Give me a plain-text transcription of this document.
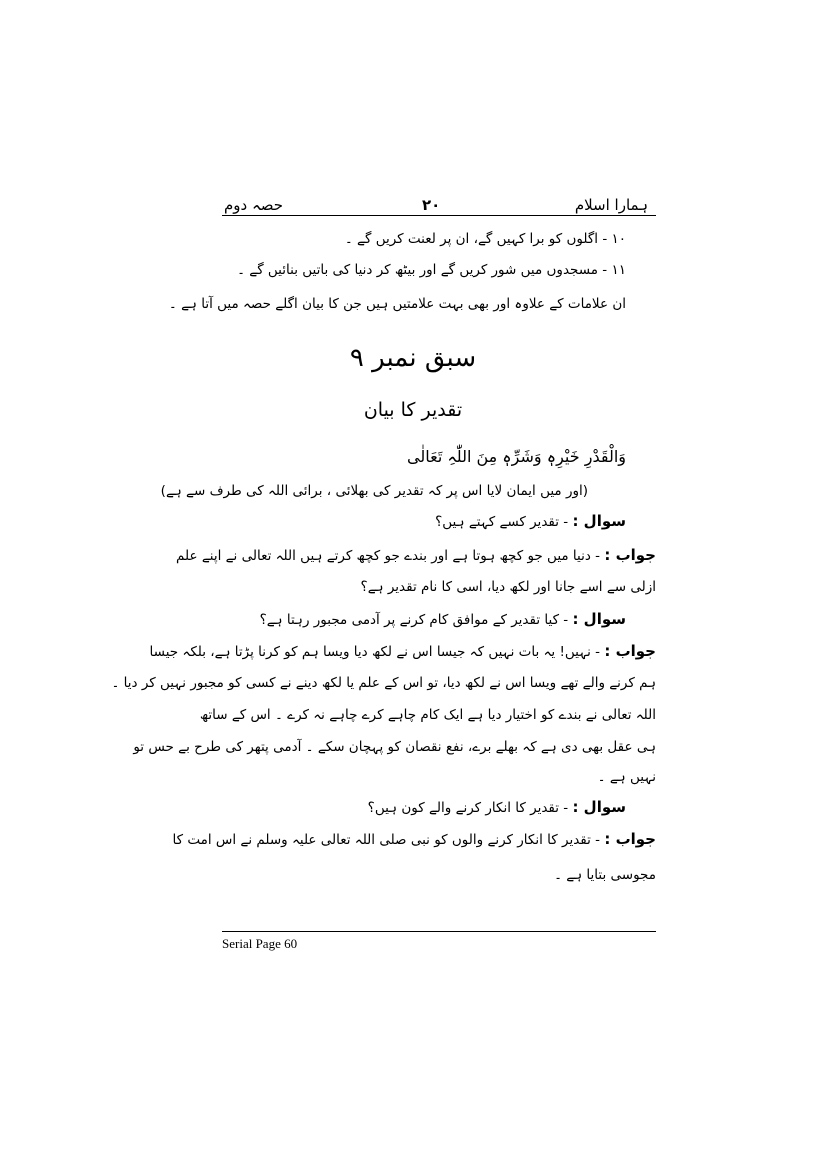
ہمارا اسلام
۲۰
حصہ دوم
۱۰ - اگلوں کو برا کہیں گے، ان پر لعنت کریں گے ۔
۱۱ - مسجدوں میں شور کریں گے اور بیٹھ کر دنیا کی باتیں بنائیں گے ۔
ان علامات کے علاوہ اور بھی بہت علامتیں ہیں جن کا بیان اگلے حصہ میں آتا ہے ۔
سبق نمبر ۹
تقدیر کا بیان
وَالْقَدْرِ خَیْرِہٖ وَشَرِّہٖ مِنَ اللّٰہِ تَعَالٰی
(اور میں ایمان لایا اس پر کہ تقدیر کی بھلائی ، برائی اللہ کی طرف سے ہے)
سوال : - تقدیر کسے کہتے ہیں؟
جواب : - دنیا میں جو کچھ ہوتا ہے اور بندے جو کچھ کرتے ہیں اللہ تعالی نے اپنے علم
ازلی سے اسے جانا اور لکھ دیا، اسی کا نام تقدیر ہے؟
سوال : - کیا تقدیر کے موافق کام کرنے پر آدمی مجبور رہتا ہے؟
جواب : - نہیں! یہ بات نہیں کہ جیسا اس نے لکھ دیا ویسا ہم کو کرنا پڑتا ہے، بلکہ جیسا
ہم کرنے والے تھے ویسا اس نے لکھ دیا، تو اس کے علم یا لکھ دینے نے کسی کو مجبور نہیں کر دیا ۔
اللہ تعالی نے بندے کو اختیار دیا ہے ایک کام چاہے کرے چاہے نہ کرے ۔ اس کے ساتھ
ہی عقل بھی دی ہے کہ بھلے برے، نفع نقصان کو پہچان سکے ۔ آدمی پتھر کی طرح بے حس تو
نہیں ہے ۔
سوال : - تقدیر کا انکار کرنے والے کون ہیں؟
جواب : - تقدیر کا انکار کرنے والوں کو نبی صلی اللہ تعالی علیہ وسلم نے اس امت کا
مجوسی بتایا ہے ۔
Serial Page 60
